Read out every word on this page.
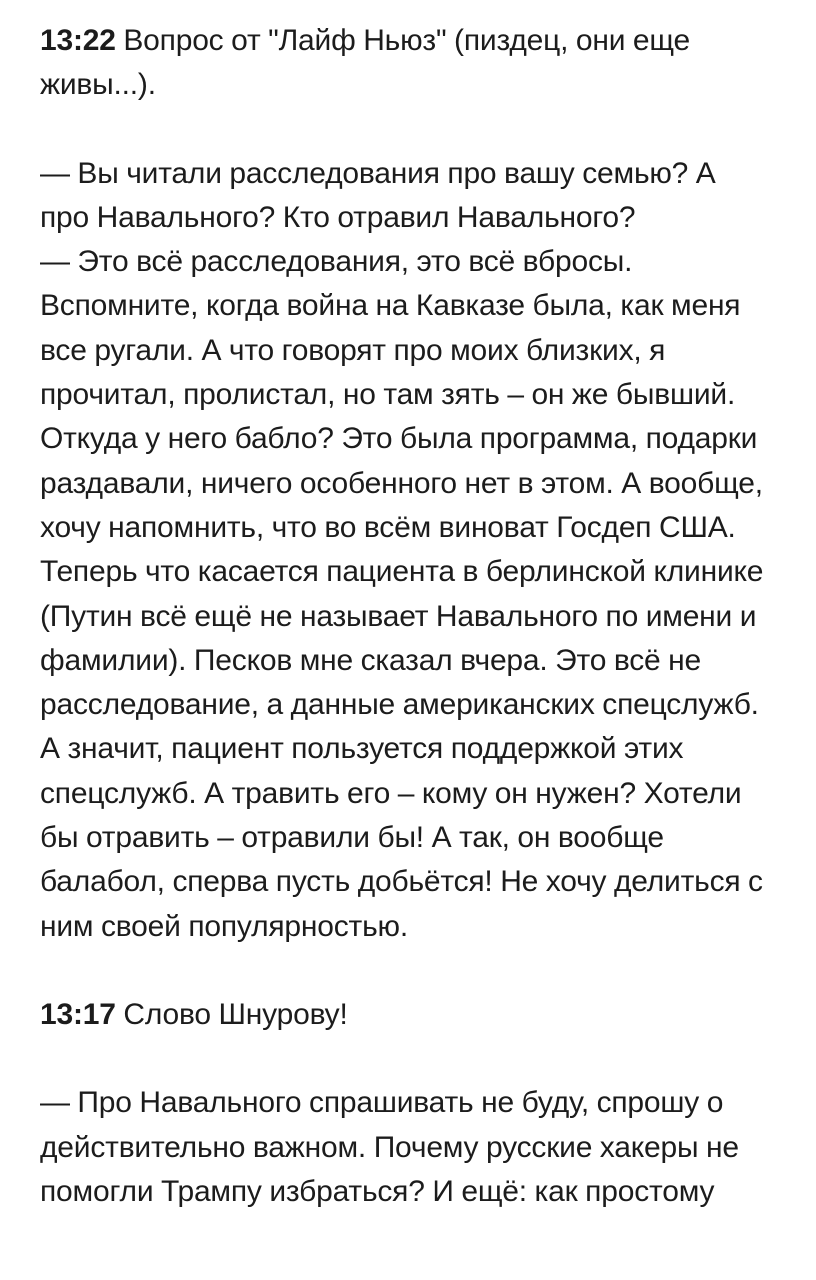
13:22 Вопрос от "Лайф Ньюз" (пиздец, они еще живы...).

— Вы читали расследования про вашу семью? А про Навального? Кто отравил Навального?

— Это всё расследования, это всё вбросы. Вспомните, когда война на Кавказе была, как меня все ругали. А что говорят про моих близких, я прочитал, пролистал, но там зять – он же бывший. Откуда у него бабло? Это была программа, подарки раздавали, ничего особенного нет в этом. А вообще, хочу напомнить, что во всём виноват Госдеп США. Теперь что касается пациента в берлинской клинике (Путин всё ещё не называет Навального по имени и фамилии). Песков мне сказал вчера. Это всё не расследование, а данные американских спецслужб. А значит, пациент пользуется поддержкой этих спецслужб. А травить его – кому он нужен? Хотели бы отравить – отравили бы! А так, он вообще балабол, сперва пусть добьётся! Не хочу делиться с ним своей популярностью.

13:17 Слово Шнурову!

— Про Навального спрашивать не буду, спрошу о действительно важном. Почему русские хакеры не помогли Трампу избраться? И ещё: как простому
